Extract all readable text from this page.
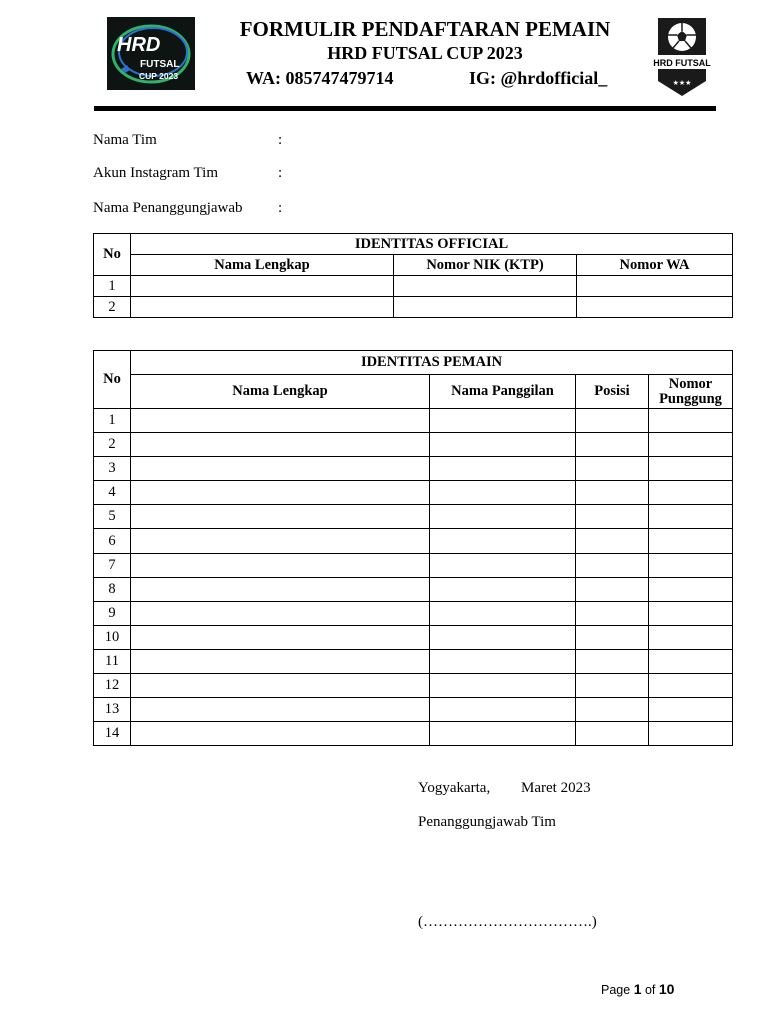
HRD
FUTSAL
CUP 2023
FORMULIR PENDAFTARAN PEMAIN
HRD FUTSAL CUP 2023
WA: 085747479714	IG: @hrdofficial_
HRD FUTSAL
★★★
Nama Tim	:
Akun Instagram Tim	:
Nama Penanggungjawab :
No	IDENTITAS OFFICIAL		
	Nama Lengkap	Nomor NIK (KTP)	Nomor WA
1			
2			
No	IDENTITAS PEMAIN			
	Nama Lengkap	Nama Panggilan	Posisi	Nomor Punggung
1				
2				
3				
4				
5				
6				
7				
8				
9				
10				
11				
12				
13				
14				
Yogyakarta, Maret 2023
Penanggungjawab Tim
(…………………………….)
Page 1 of 10
